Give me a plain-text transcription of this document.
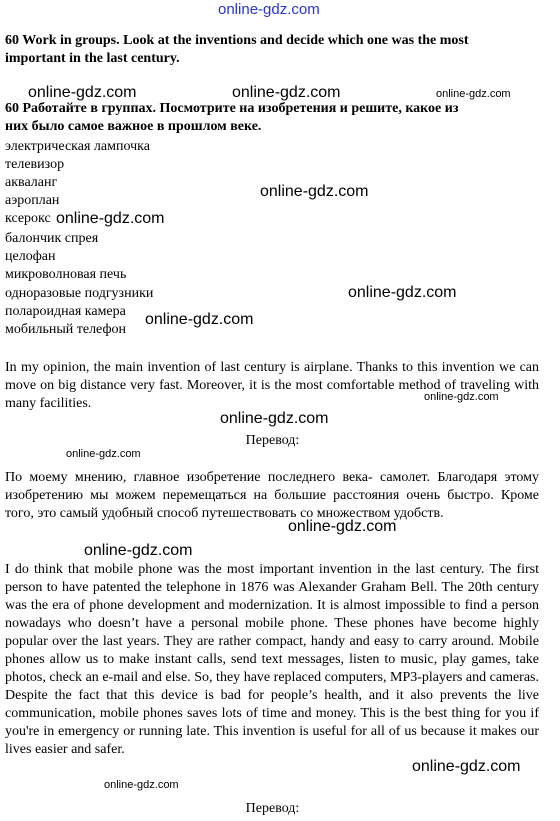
online-gdz.com
online-gdz.com	online-gdz.com	online-gdz.com
online-gdz.com
online-gdz.com
online-gdz.com
online-gdz.com
online-gdz.com
online-gdz.com
online-gdz.com
online-gdz.com
online-gdz.com
online-gdz.com
online-gdz.com
60 Work in groups. Look at the inventions and decide which one was the most
important in the last century.
60 Работайте в группах. Посмотрите на изобретения и решите, какое из
них было самое важное в прошлом веке.
электрическая лампочка
телевизор
акваланг
аэроплан
ксерокс
балончик спрея
целофан
микроволновая печь
одноразовые подгузники
полароидная камера
мобильный телефон
In my opinion, the main invention of last century is airplane. Thanks to this invention we can move on big distance very fast. Moreover, it is the most comfortable method of traveling with many facilities.
Перевод:
По моему мнению, главное изобретение последнего века- самолет. Благодаря этому изобретению мы можем перемещаться на большие расстояния очень быстро. Кроме того, это самый удобный способ путешествовать со множеством удобств.
I do think that mobile phone was the most important invention in the last century. The first person to have patented the telephone in 1876 was Alexander Graham Bell. The 20th century was the era of phone development and modernization. It is almost impossible to find a person nowadays who doesn’t have a personal mobile phone. These phones have become highly popular over the last years. They are rather compact, handy and easy to carry around. Mobile phones allow us to make instant calls, send text messages, listen to music, play games, take photos, check an e-mail and else. So, they have replaced computers, MP3-players and cameras. Despite the fact that this device is bad for people’s health, and it also prevents the live communication, mobile phones saves lots of time and money. This is the best thing for you if you're in emergency or running late. This invention is useful for all of us because it makes our lives easier and safer.
Перевод:
